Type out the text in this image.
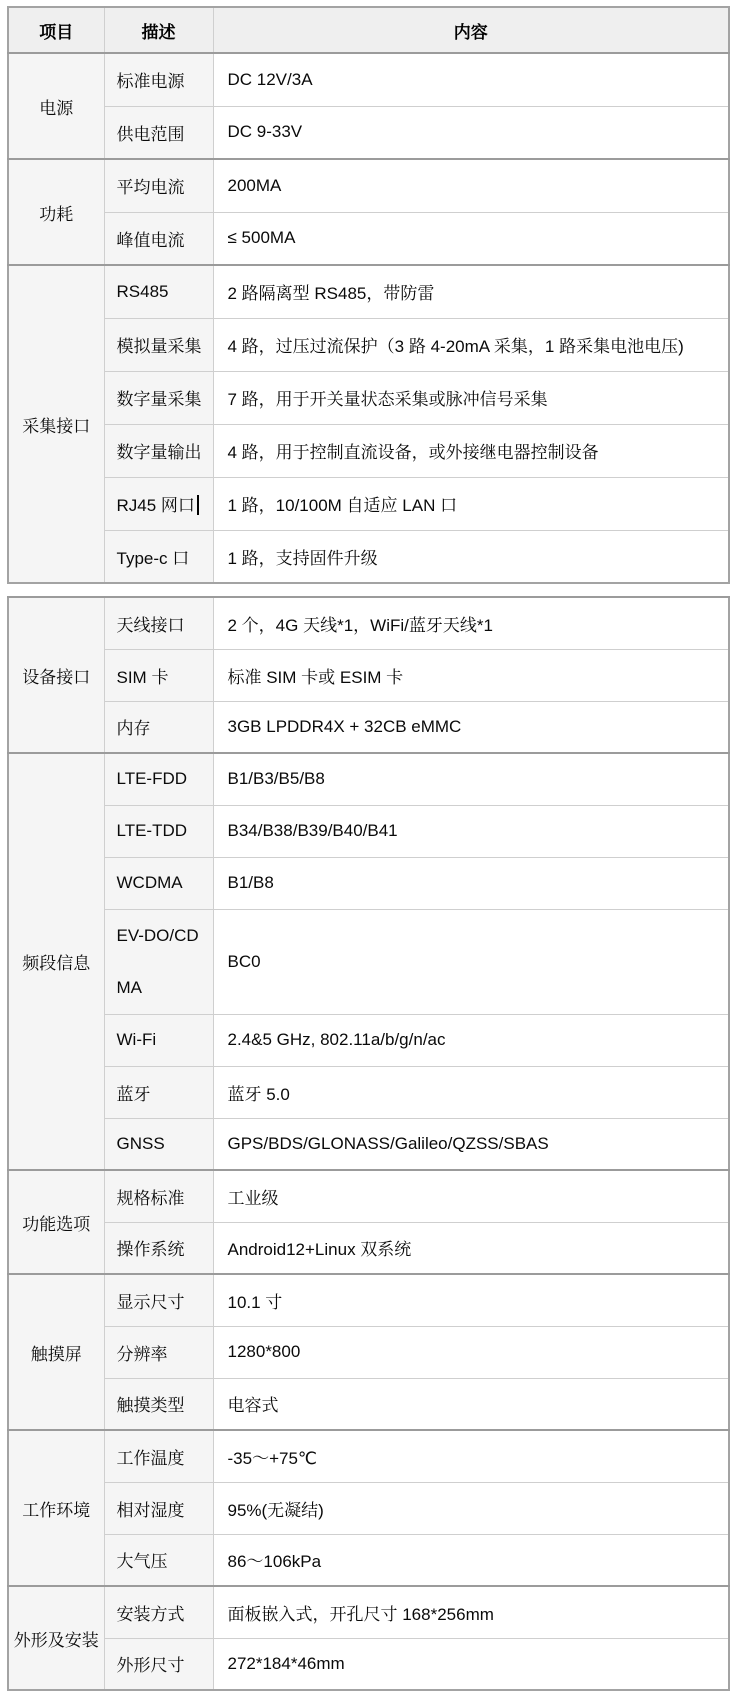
项目	描述	内容
电源	标准电源	DC 12V/3A
	供电范围	DC 9-33V
功耗	平均电流	200MA
	峰值电流	≤ 500MA
采集接口	RS485	2 路隔离型 RS485，带防雷
	模拟量采集	4 路，过压过流保护（3 路 4-20mA 采集，1 路采集电池电压)
	数字量采集	7 路，用于开关量状态采集或脉冲信号采集
	数字量输出	4 路，用于控制直流设备，或外接继电器控制设备
	RJ45 网口	1 路，10/100M 自适应 LAN 口
	Type-c 口	1 路，支持固件升级
设备接口	天线接口	2 个，4G 天线*1，WiFi/蓝牙天线*1
	SIM 卡	标准 SIM 卡或 ESIM 卡
	内存	3GB LPDDR4X + 32CB eMMC
频段信息	LTE-FDD	B1/B3/B5/B8
	LTE-TDD	B34/B38/B39/B40/B41
	WCDMA	B1/B8
	EV-DO/CDMA	BC0
	Wi-Fi	2.4&5 GHz, 802.11a/b/g/n/ac
	蓝牙	蓝牙 5.0
	GNSS	GPS/BDS/GLONASS/Galileo/QZSS/SBAS
功能选项	规格标准	工业级
	操作系统	Android12+Linux 双系统
触摸屏	显示尺寸	10.1 寸
	分辨率	1280*800
	触摸类型	电容式
工作环境	工作温度	-35～+75℃
	相对湿度	95%(无凝结)
	大气压	86～106kPa
外形及安装	安装方式	面板嵌入式，开孔尺寸 168*256mm
	外形尺寸	272*184*46mm
